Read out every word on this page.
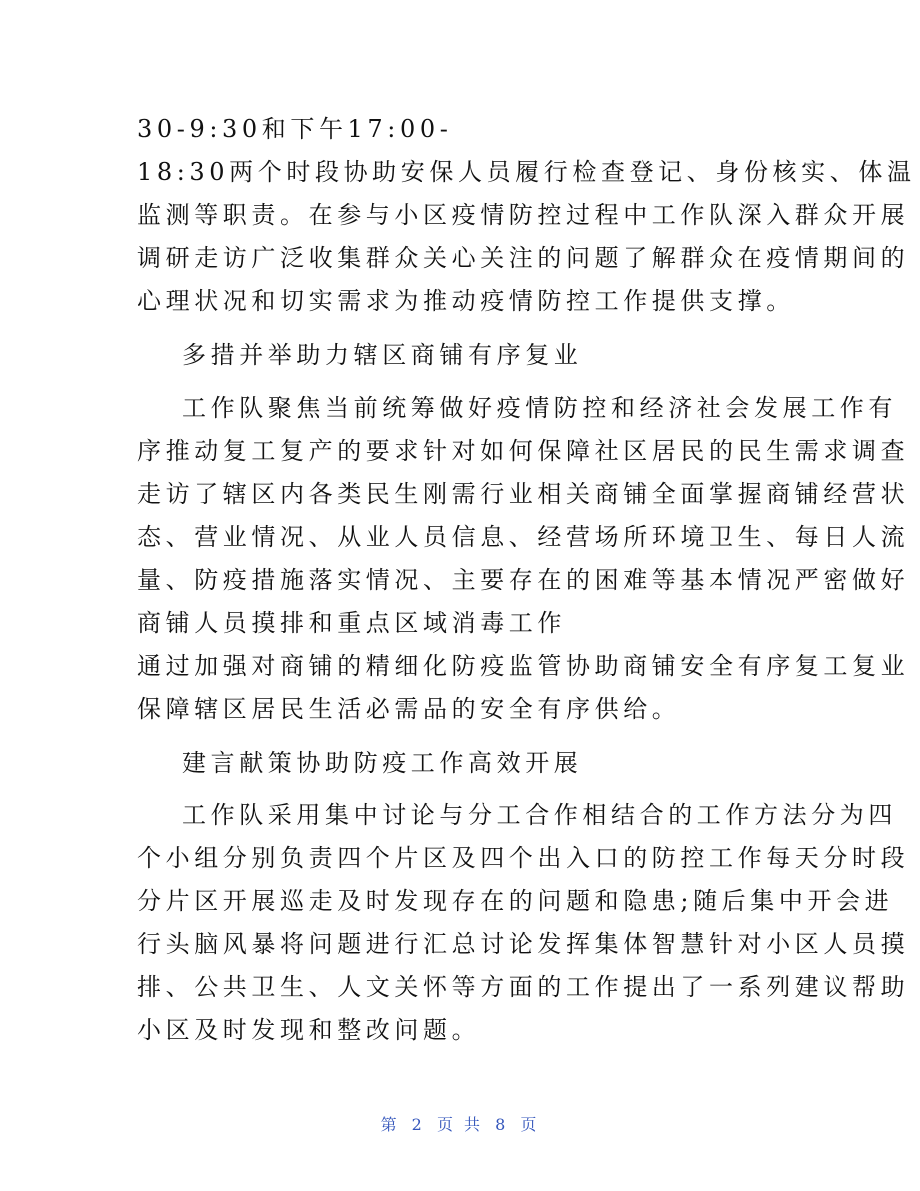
30-9:30和下午17:00-
18:30两个时段协助安保人员履行检查登记、身份核实、体温
监测等职责。在参与小区疫情防控过程中工作队深入群众开展
调研走访广泛收集群众关心关注的问题了解群众在疫情期间的
心理状况和切实需求为推动疫情防控工作提供支撑。
多措并举助力辖区商铺有序复业
工作队聚焦当前统筹做好疫情防控和经济社会发展工作有
序推动复工复产的要求针对如何保障社区居民的民生需求调查
走访了辖区内各类民生刚需行业相关商铺全面掌握商铺经营状
态、营业情况、从业人员信息、经营场所环境卫生、每日人流
量、防疫措施落实情况、主要存在的困难等基本情况严密做好
商铺人员摸排和重点区域消毒工作
通过加强对商铺的精细化防疫监管协助商铺安全有序复工复业
保障辖区居民生活必需品的安全有序供给。
建言献策协助防疫工作高效开展
工作队采用集中讨论与分工合作相结合的工作方法分为四
个小组分别负责四个片区及四个出入口的防控工作每天分时段
分片区开展巡走及时发现存在的问题和隐患;随后集中开会进
行头脑风暴将问题进行汇总讨论发挥集体智慧针对小区人员摸
排、公共卫生、人文关怀等方面的工作提出了一系列建议帮助
小区及时发现和整改问题。
第 2 页 共 8 页
